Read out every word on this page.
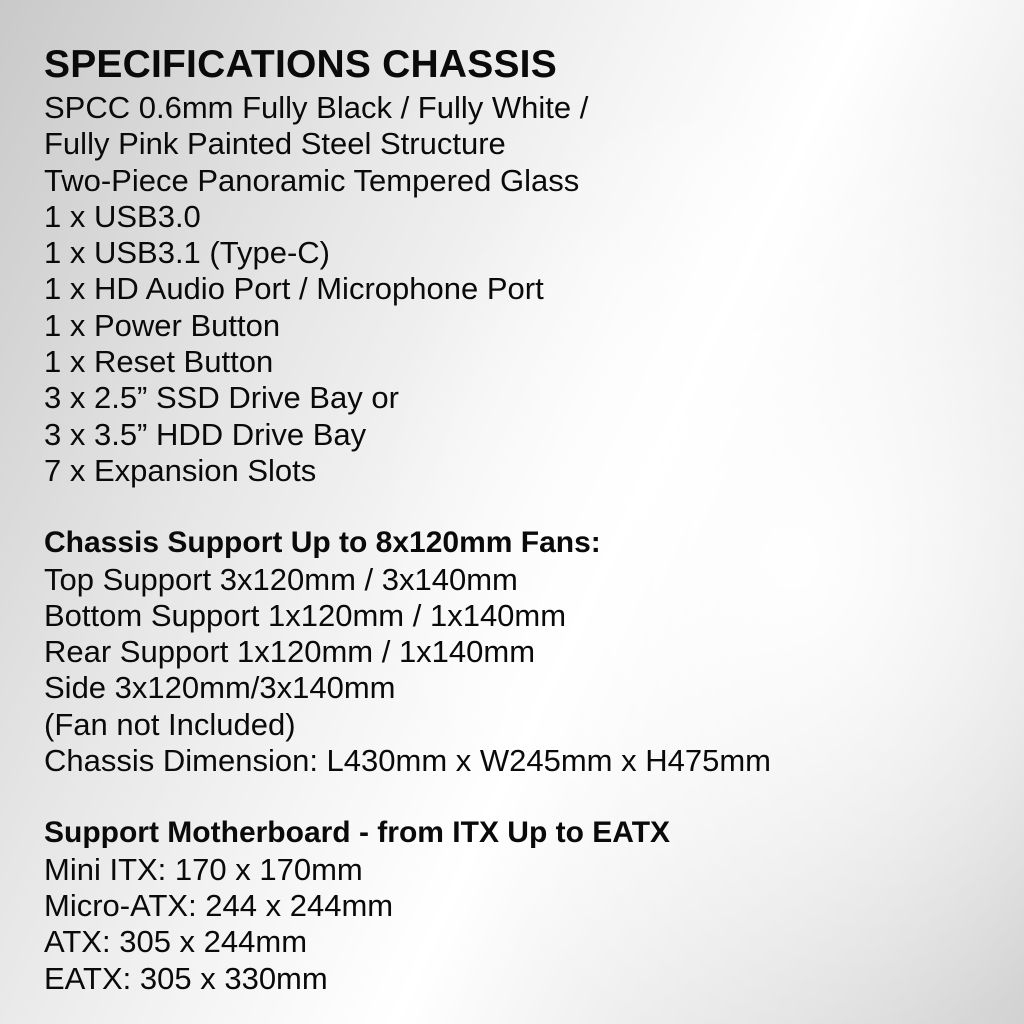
SPECIFICATIONS CHASSIS
SPCC 0.6mm Fully Black / Fully White /
Fully Pink Painted Steel Structure
Two-Piece Panoramic Tempered Glass
1 x USB3.0
1 x USB3.1 (Type-C)
1 x HD Audio Port / Microphone Port
1 x Power Button
1 x Reset Button
3 x 2.5” SSD Drive Bay or
3 x 3.5” HDD Drive Bay
7 x Expansion Slots
Chassis Support Up to 8x120mm Fans:
Top Support 3x120mm / 3x140mm
Bottom Support 1x120mm / 1x140mm
Rear Support 1x120mm / 1x140mm
Side 3x120mm/3x140mm
(Fan not Included)
Chassis Dimension: L430mm x W245mm x H475mm
Support Motherboard - from ITX Up to EATX
Mini ITX: 170 x 170mm
Micro-ATX: 244 x 244mm
ATX: 305 x 244mm
EATX: 305 x 330mm
